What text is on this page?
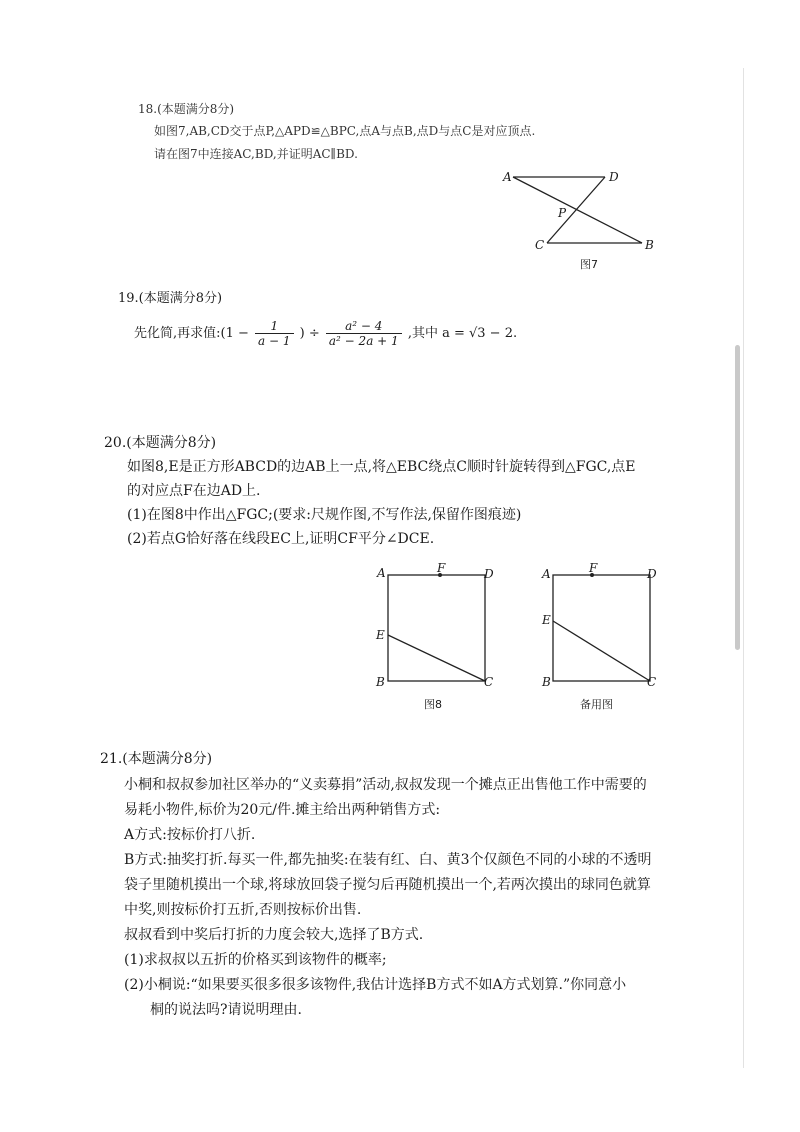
18.(本题满分8分)
如图7,AB,CD交于点P,△APD≌△BPC,点A与点B,点D与点C是对应顶点.
请在图7中连接AC,BD,并证明AC∥BD.
A	D
P
C	B
图7
19.(本题满分8分)
先化简,再求值:(1 − $\frac{1}{a - 1}$ ) ÷ $\frac{\text{a² − 4}}{\text{a² − 2a + 1}}$ ,其中 a = √3 − 2.
20.(本题满分8分)
如图8,E是正方形ABCD的边AB上一点,将△EBC绕点C顺时针旋转得到△FGC,点E
的对应点F在边AD上.
(1)在图8中作出△FGC;(要求:尺规作图,不写作法,保留作图痕迹)
(2)若点G恰好落在线段EC上,证明CF平分∠DCE.
A	F	D
E
B	C
图8
A	F	D
E
B	C
备用图
21.(本题满分8分)
小桐和叔叔参加社区举办的“义卖募捐”活动,叔叔发现一个摊点正出售他工作中需要的
易耗小物件,标价为20元/件.摊主给出两种销售方式:
A方式:按标价打八折.
B方式:抽奖打折.每买一件,都先抽奖:在装有红、白、黄3个仅颜色不同的小球的不透明
袋子里随机摸出一个球,将球放回袋子搅匀后再随机摸出一个,若两次摸出的球同色就算
中奖,则按标价打五折,否则按标价出售.
叔叔看到中奖后打折的力度会较大,选择了B方式.
(1)求叔叔以五折的价格买到该物件的概率;
(2)小桐说:“如果要买很多很多该物件,我估计选择B方式不如A方式划算.”你同意小
桐的说法吗?请说明理由.
